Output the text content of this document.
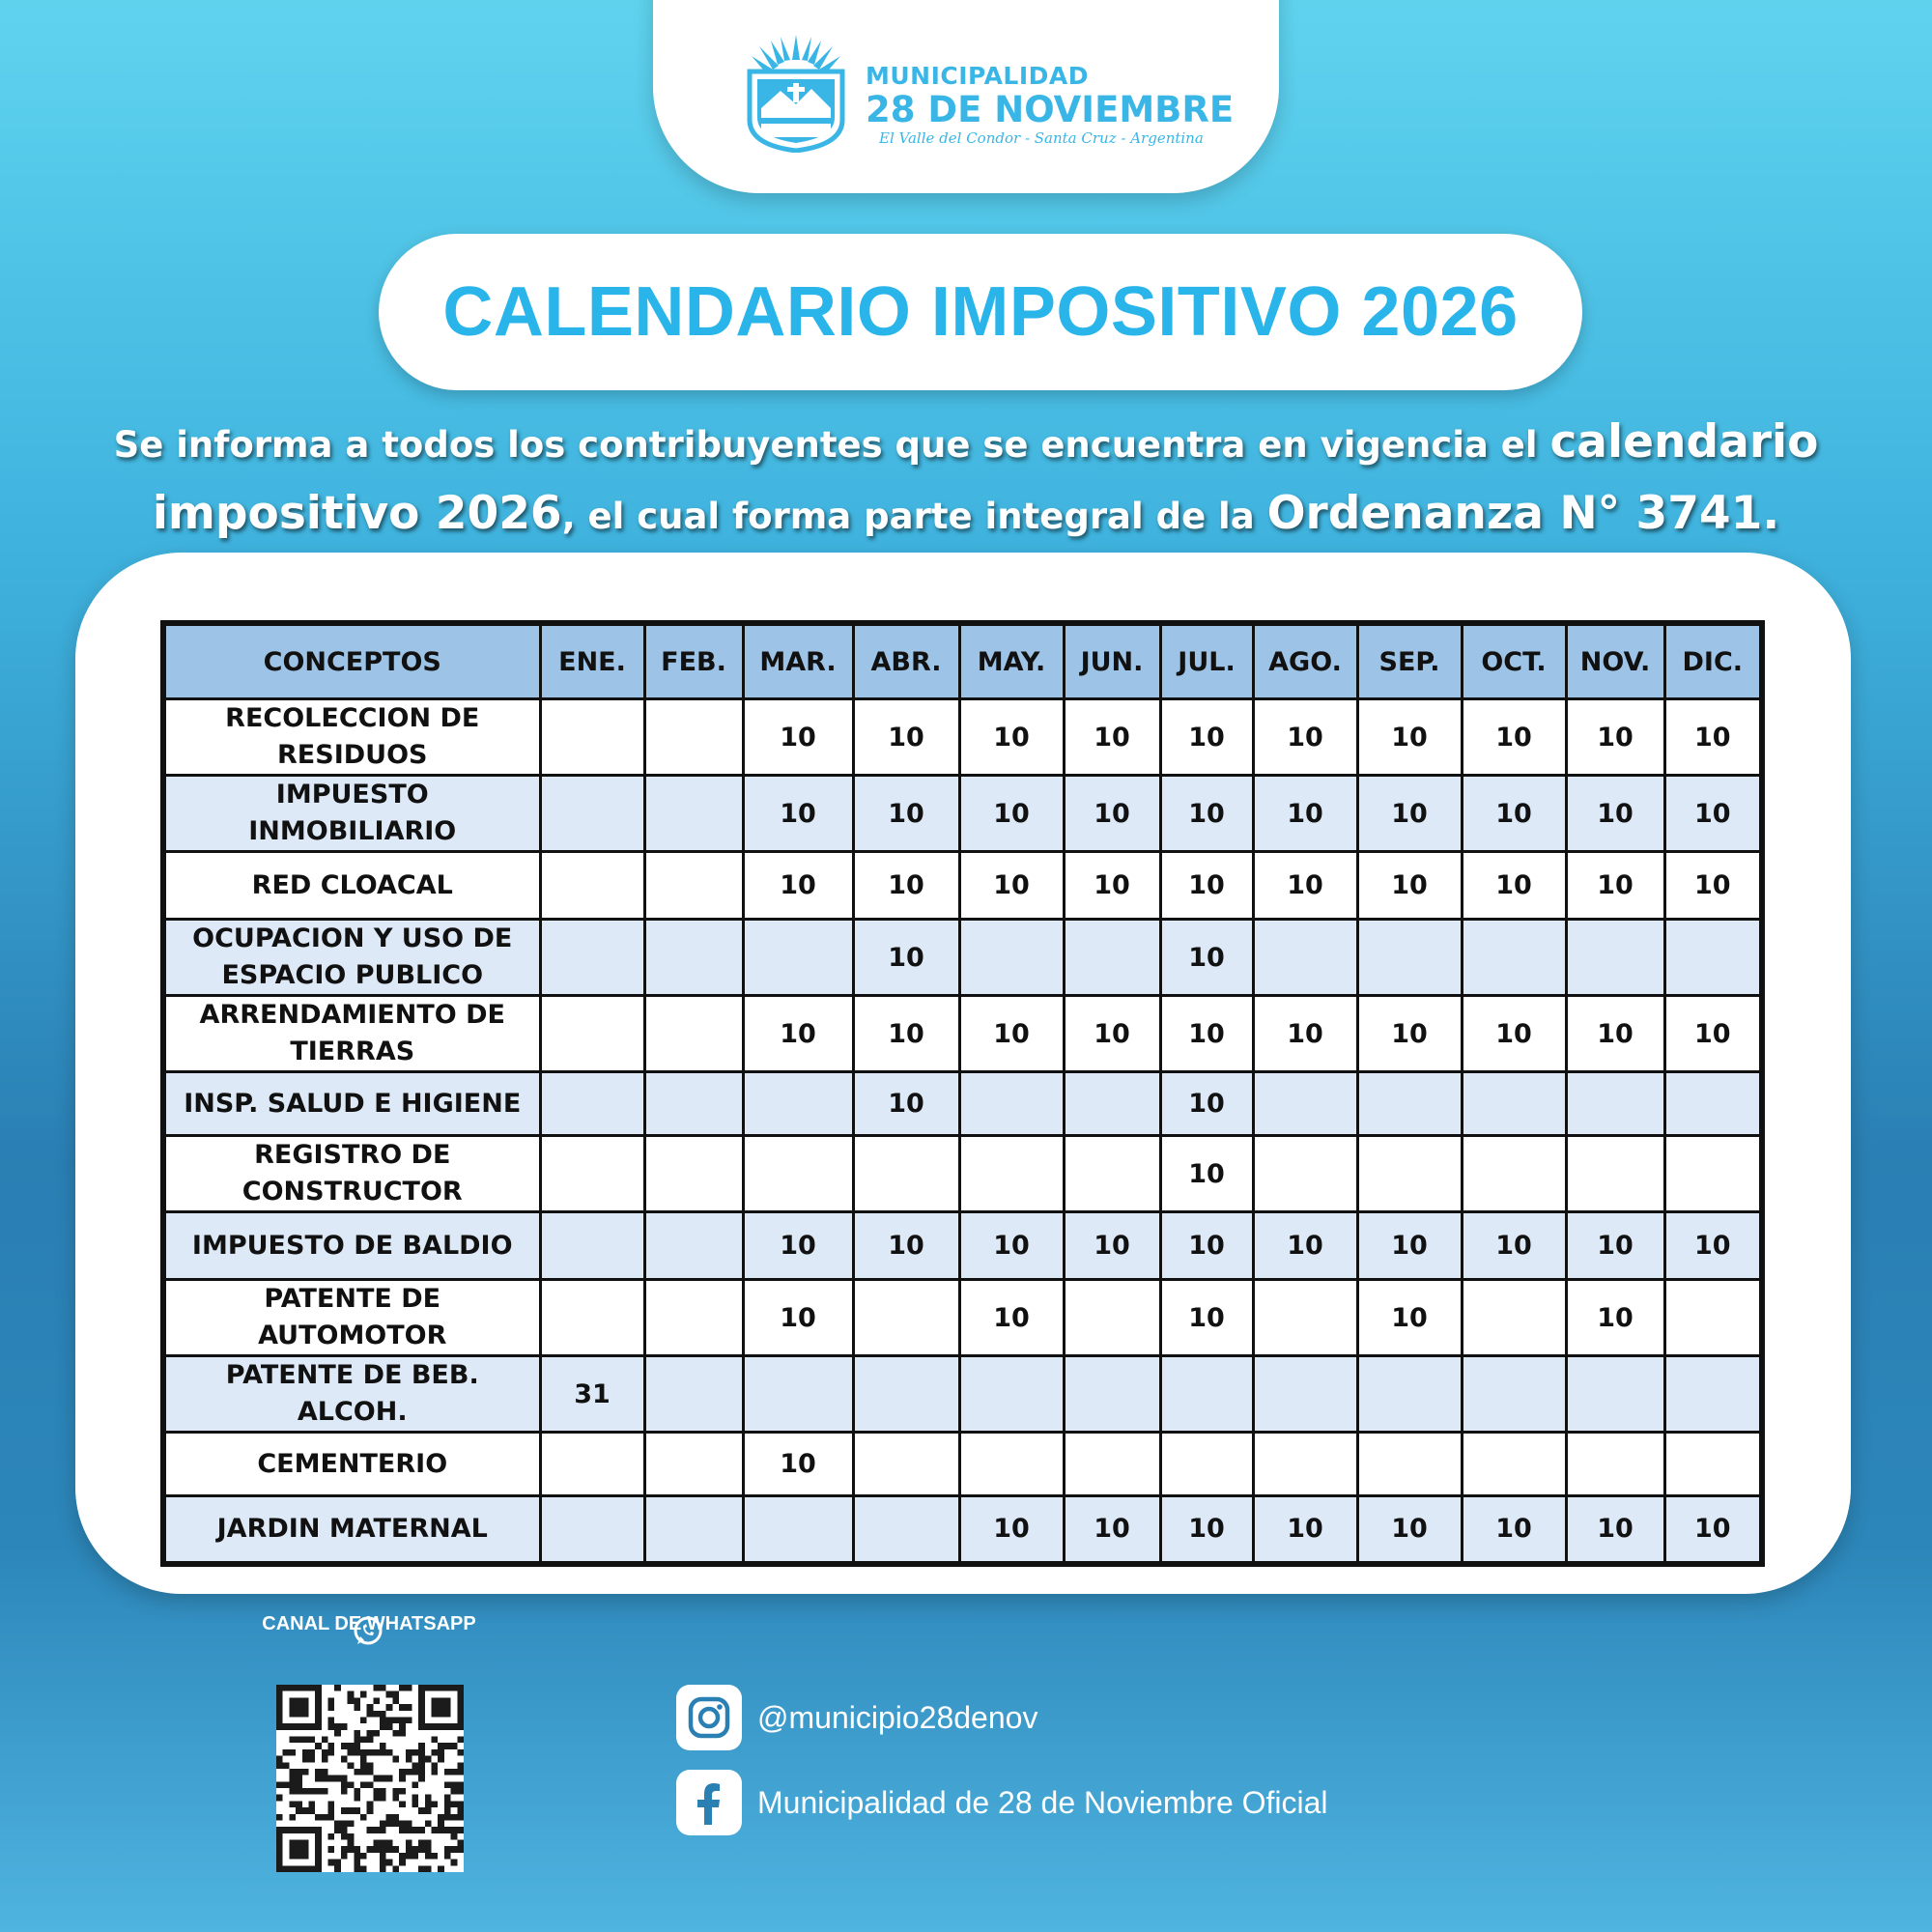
MUNICIPALIDAD
28 DE NOVIEMBRE
El Valle del Condor - Santa Cruz - Argentina
CALENDARIO IMPOSITIVO 2026
Se informa a todos los contribuyentes que se encuentra en vigencia el calendario
impositivo 2026, el cual forma parte integral de la Ordenanza N° 3741.
CONCEPTOS	ENE.	FEB.	MAR.	ABR.	MAY.	JUN.	JUL.	AGO.	SEP.	OCT.	NOV.	DIC.
RECOLECCION DE RESIDUOS			10	10	10	10	10	10	10	10	10	10
IMPUESTO INMOBILIARIO			10	10	10	10	10	10	10	10	10	10
RED CLOACAL			10	10	10	10	10	10	10	10	10	10
OCUPACION Y USO DE ESPACIO PUBLICO				10			10					
ARRENDAMIENTO DE TIERRAS			10	10	10	10	10	10	10	10	10	10
INSP. SALUD E HIGIENE				10			10					
REGISTRO DE CONSTRUCTOR							10					
IMPUESTO DE BALDIO			10	10	10	10	10	10	10	10	10	10
PATENTE DE AUTOMOTOR			10		10		10		10		10	
PATENTE DE BEB. ALCOH.	31											
CEMENTERIO			10									
JARDIN MATERNAL					10	10	10	10	10	10	10	10
CANAL DE WHATSAPP
@municipio28denov
Municipalidad de 28 de Noviembre Oficial
